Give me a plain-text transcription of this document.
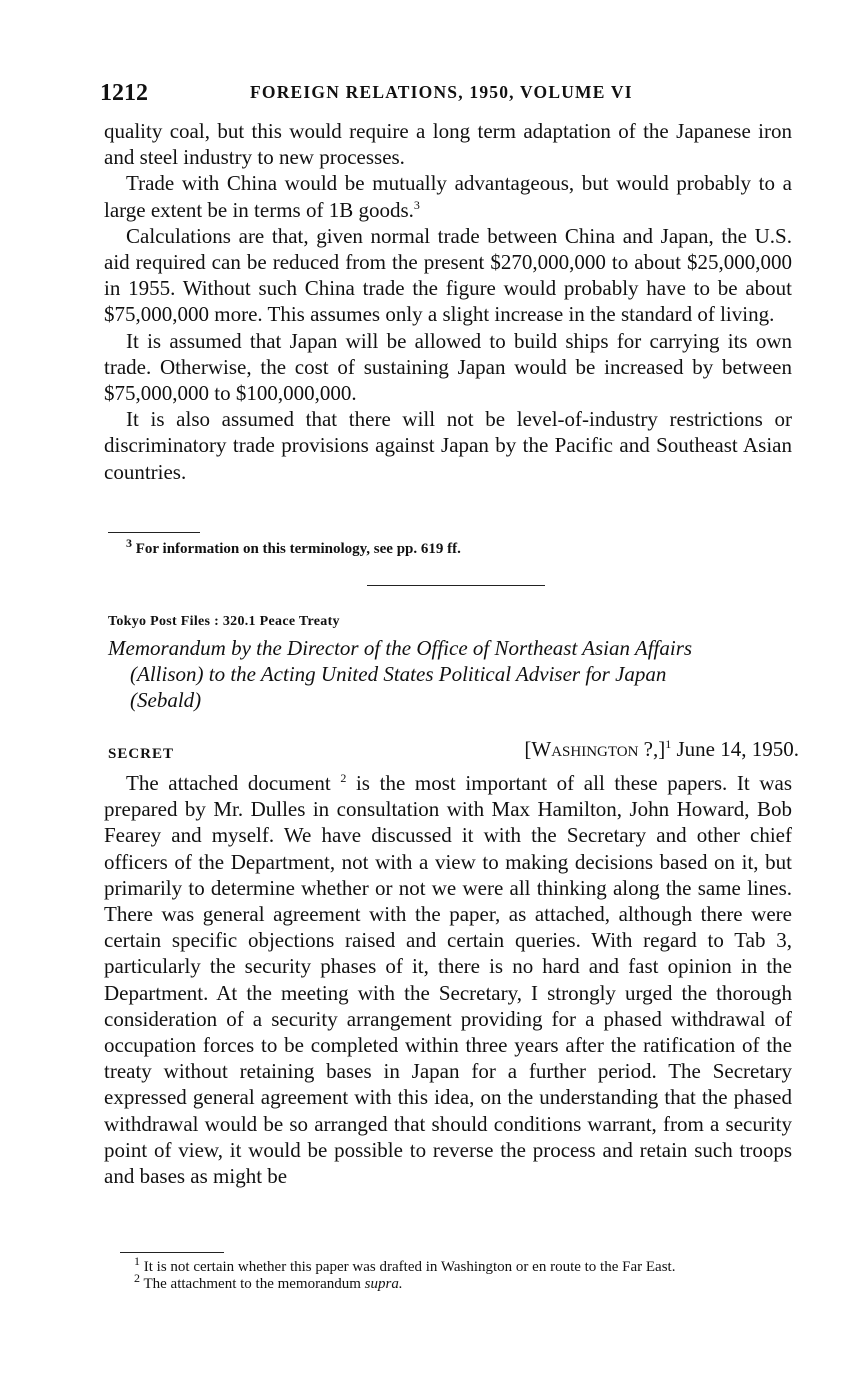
1212	FOREIGN RELATIONS, 1950, VOLUME VI

quality coal, but this would require a long term adaptation of the Japanese iron and steel industry to new processes.

Trade with China would be mutually advantageous, but would probably to a large extent be in terms of 1B goods.$^3$

Calculations are that, given normal trade between China and Japan, the U.S. aid required can be reduced from the present $270,000,000 to about $25,000,000 in 1955. Without such China trade the figure would probably have to be about $75,000,000 more. This assumes only a slight increase in the standard of living.

It is assumed that Japan will be allowed to build ships for carrying its own trade. Otherwise, the cost of sustaining Japan would be increased by between $75,000,000 to $100,000,000.

It is also assumed that there will not be level-of-industry restrictions or discriminatory trade provisions against Japan by the Pacific and Southeast Asian countries.

$^3$ For information on this terminology, see pp. 619 ff.

Tokyo Post Files : 320.1 Peace Treaty
Memorandum by the Director of the Office of Northeast Asian Affairs
(Allison) to the Acting United States Political Adviser for Japan
(Sebald)
SECRET	[Washington ?,]$^1$ June 14, 1950.

The attached document $^2$ is the most important of all these papers. It was prepared by Mr. Dulles in consultation with Max Hamilton, John Howard, Bob Fearey and myself. We have discussed it with the Secretary and other chief officers of the Department, not with a view to making decisions based on it, but primarily to determine whether or not we were all thinking along the same lines. There was general agreement with the paper, as attached, although there were certain specific objections raised and certain queries. With regard to Tab 3, particularly the security phases of it, there is no hard and fast opinion in the Department. At the meeting with the Secretary, I strongly urged the thorough consideration of a security arrangement providing for a phased withdrawal of occupation forces to be completed within three years after the ratification of the treaty without retaining bases in Japan for a further period. The Secretary expressed general agreement with this idea, on the understanding that the phased withdrawal would be so arranged that should conditions warrant, from a security point of view, it would be possible to reverse the process and retain such troops and bases as might be

$^1$ It is not certain whether this paper was drafted in Washington or en route to the Far East.

$^2$ The attachment to the memorandum supra.
